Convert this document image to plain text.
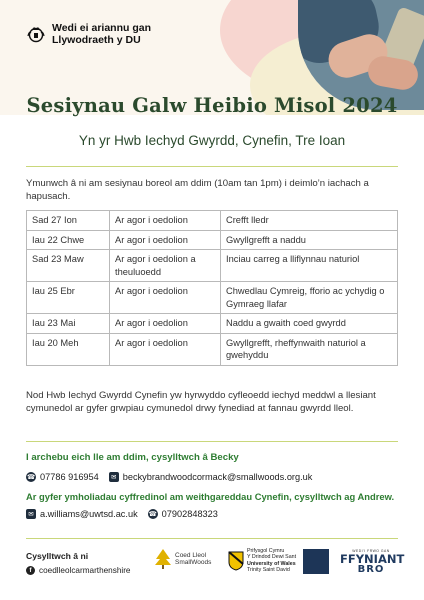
Wedi ei ariannu gan
Llywodraeth y DU
Sesiynau Galw Heibio Misol 2024
Yn yr Hwb Iechyd Gwyrdd, Cynefin, Tre Ioan
Ymunwch â ni am sesiynau boreol am ddim (10am tan 1pm) i deimlo’n iachach a hapusach.
Sad 27 Ion	Ar agor i oedolion	Crefft lledr
Iau 22 Chwe	Ar agor i oedolion	Gwyllgrefft a naddu
Sad 23 Maw	Ar agor i oedolion a theuluoedd	Inciau carreg a lliflynnau naturiol
Iau 25 Ebr	Ar agor i oedolion	Chwedlau Cymreig, fforio ac ychydig o Gymraeg llafar
Iau 23 Mai	Ar agor i oedolion	Naddu a gwaith coed gwyrdd
Iau 20 Meh	Ar agor i oedolion	Gwyllgrefft, rheffynwaith naturiol a gwehyddu
Nod Hwb Iechyd Gwyrdd Cynefin yw hyrwyddo cyfleoedd iechyd meddwl a llesiant cymunedol ar gyfer grwpiau cymunedol drwy fynediad at fannau gwyrdd lleol.
I archebu eich lle am ddim, cysylltwch â Becky
☎ 07786 916954	✉ beckybrandwoodcormack@smallwoods.org.uk
Ar gyfer ymholiadau cyffredinol am weithgareddau Cynefin, cysylltwch ag Andrew.
✉ a.williams@uwtsd.ac.uk ☎ 07902848323
Cysylltwch â ni
f coedlleolcarmarthenshire
Coed Lleol
SmallWoods
Prifysgol Cymru
Y Drindod Dewi Sant
University of Wales
Trinity Saint David
WEDI'I FRWO GAN
FFYNIANT
BRO
